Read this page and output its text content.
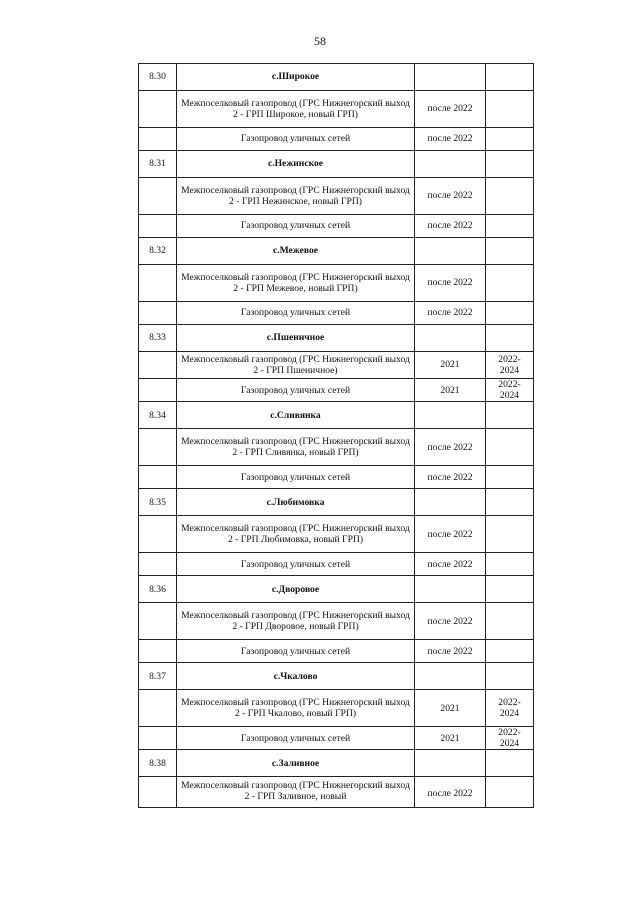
58
8.30	с.Широкое		
	Межпоселковый газопровод (ГРС Нижнегорский выход 2 - ГРП Широкое, новый ГРП)	после 2022	
	Газопровод уличных сетей	после 2022	
8.31	с.Нежинское		
	Межпоселковый газопровод (ГРС Нижнегорский выход 2 - ГРП Нежинское, новый ГРП)	после 2022	
	Газопровод уличных сетей	после 2022	
8.32	с.Межевое		
	Межпоселковый газопровод (ГРС Нижнегорский выход 2 - ГРП Межевое, новый ГРП)	после 2022	
	Газопровод уличных сетей	после 2022	
8.33	с.Пшеничное		
	Межпоселковый газопровод (ГРС Нижнегорский выход 2 - ГРП Пшеничное)	2021	2022-2024
	Газопровод уличных сетей	2021	2022-2024
8.34	с.Сливянка		
	Межпоселковый газопровод (ГРС Нижнегорский выход 2 - ГРП Сливянка, новый ГРП)	после 2022	
	Газопровод уличных сетей	после 2022	
8.35	с.Любимовка		
	Межпоселковый газопровод (ГРС Нижнегорский выход 2 - ГРП Любимовка, новый ГРП)	после 2022	
	Газопровод уличных сетей	после 2022	
8.36	с.Дворовое		
	Межпоселковый газопровод (ГРС Нижнегорский выход 2 - ГРП Дворовое, новый ГРП)	после 2022	
	Газопровод уличных сетей	после 2022	
8.37	с.Чкалово		
	Межпоселковый газопровод (ГРС Нижнегорский выход 2 - ГРП Чкалово, новый ГРП)	2021	2022-2024
	Газопровод уличных сетей	2021	2022-2024
8.38	с.Заливное		
	Межпоселковый газопровод (ГРС Нижнегорский выход 2 - ГРП Заливное, новый	после 2022	
